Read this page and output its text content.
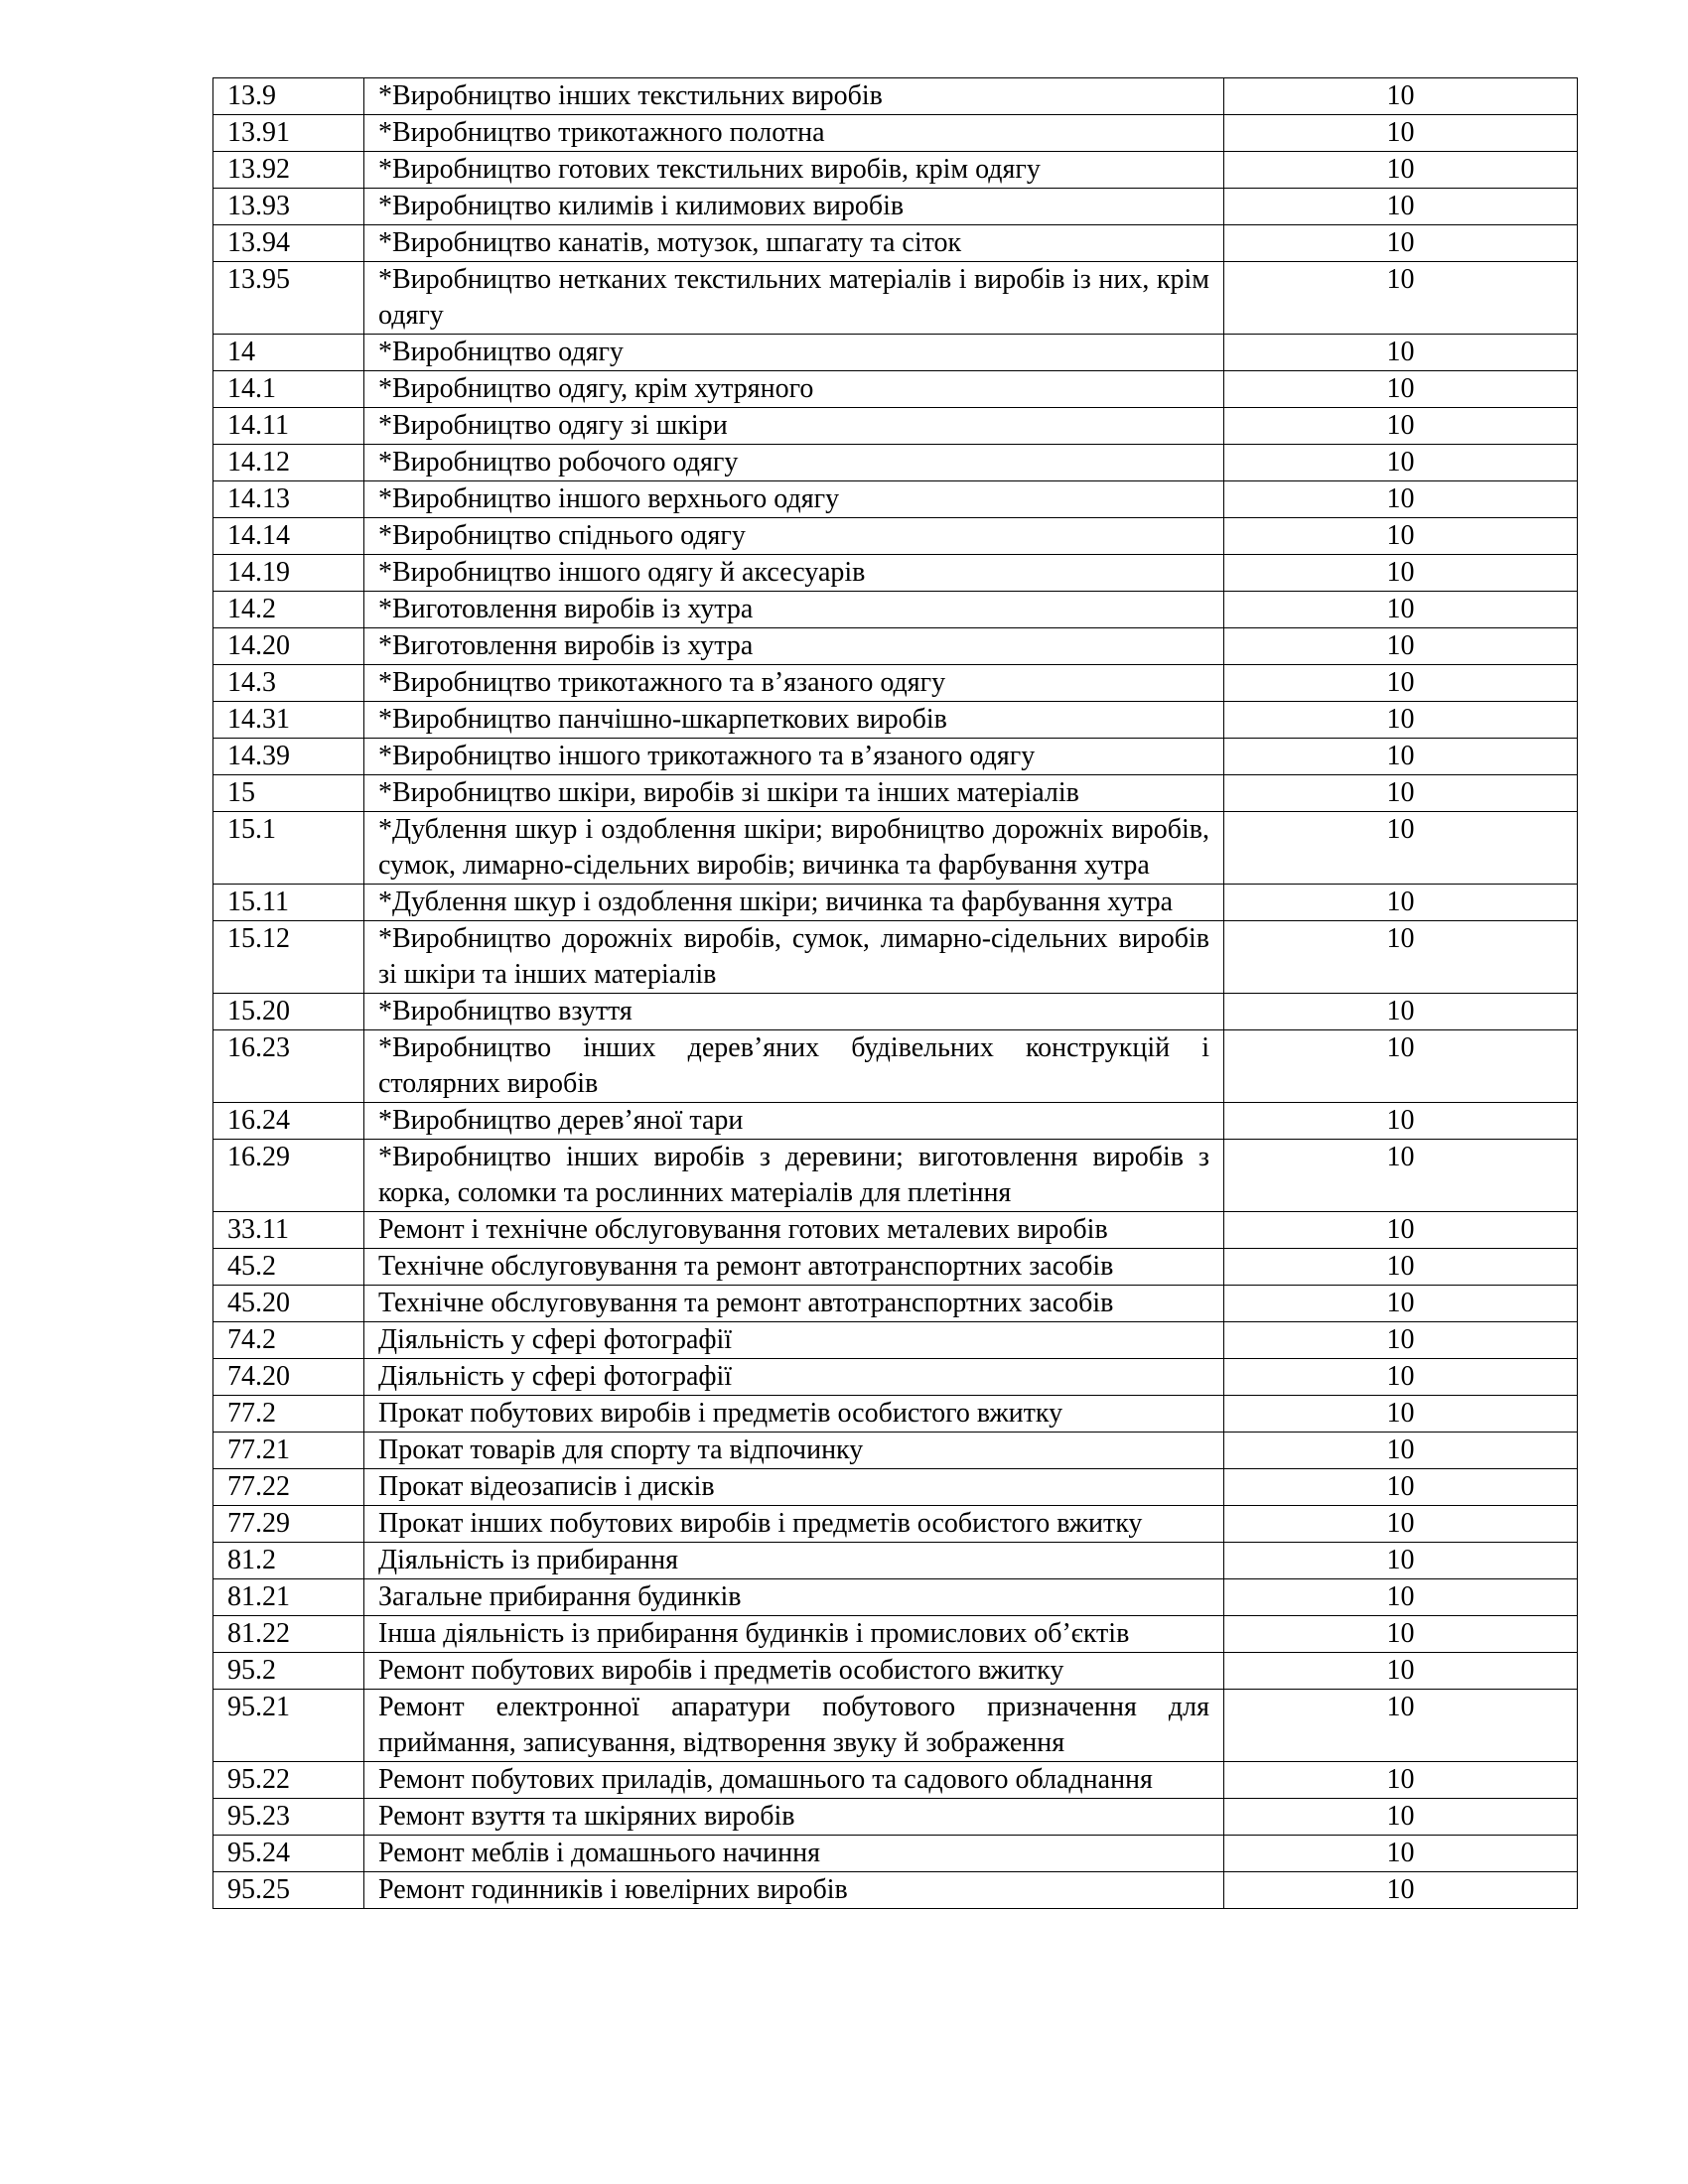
13.9	*Виробництво інших текстильних виробів	10
13.91	*Виробництво трикотажного полотна	10
13.92	*Виробництво готових текстильних виробів, крім одягу	10
13.93	*Виробництво килимів і килимових виробів	10
13.94	*Виробництво канатів, мотузок, шпагату та сіток	10
13.95	*Виробництво нетканих текстильних матеріалів і виробів із них, крім одягу	10
14	*Виробництво одягу	10
14.1	*Виробництво одягу, крім хутряного	10
14.11	*Виробництво одягу зі шкіри	10
14.12	*Виробництво робочого одягу	10
14.13	*Виробництво іншого верхнього одягу	10
14.14	*Виробництво спіднього одягу	10
14.19	*Виробництво іншого одягу й аксесуарів	10
14.2	*Виготовлення виробів із хутра	10
14.20	*Виготовлення виробів із хутра	10
14.3	*Виробництво трикотажного та в’язаного одягу	10
14.31	*Виробництво панчішно-шкарпеткових виробів	10
14.39	*Виробництво іншого трикотажного та в’язаного одягу	10
15	*Виробництво шкіри, виробів зі шкіри та інших матеріалів	10
15.1	*Дублення шкур і оздоблення шкіри; виробництво дорожніх виробів, сумок, лимарно-сідельних виробів; вичинка та фарбування хутра	10
15.11	*Дублення шкур і оздоблення шкіри; вичинка та фарбування хутра	10
15.12	*Виробництво дорожніх виробів, сумок, лимарно-сідельних виробів зі шкіри та інших матеріалів	10
15.20	*Виробництво взуття	10
16.23	*Виробництво інших дерев’яних будівельних конструкцій і столярних виробів	10
16.24	*Виробництво дерев’яної тари	10
16.29	*Виробництво інших виробів з деревини; виготовлення виробів з корка, соломки та рослинних матеріалів для плетіння	10
33.11	Ремонт і технічне обслуговування готових металевих виробів	10
45.2	Технічне обслуговування та ремонт автотранспортних засобів	10
45.20	Технічне обслуговування та ремонт автотранспортних засобів	10
74.2	Діяльність у сфері фотографії	10
74.20	Діяльність у сфері фотографії	10
77.2	Прокат побутових виробів і предметів особистого вжитку	10
77.21	Прокат товарів для спорту та відпочинку	10
77.22	Прокат відеозаписів і дисків	10
77.29	Прокат інших побутових виробів і предметів особистого вжитку	10
81.2	Діяльність із прибирання	10
81.21	Загальне прибирання будинків	10
81.22	Інша діяльність із прибирання будинків і промислових об’єктів	10
95.2	Ремонт побутових виробів і предметів особистого вжитку	10
95.21	Ремонт електронної апаратури побутового призначення для приймання, записування, відтворення звуку й зображення	10
95.22	Ремонт побутових приладів, домашнього та садового обладнання	10
95.23	Ремонт взуття та шкіряних виробів	10
95.24	Ремонт меблів і домашнього начиння	10
95.25	Ремонт годинників і ювелірних виробів	10
